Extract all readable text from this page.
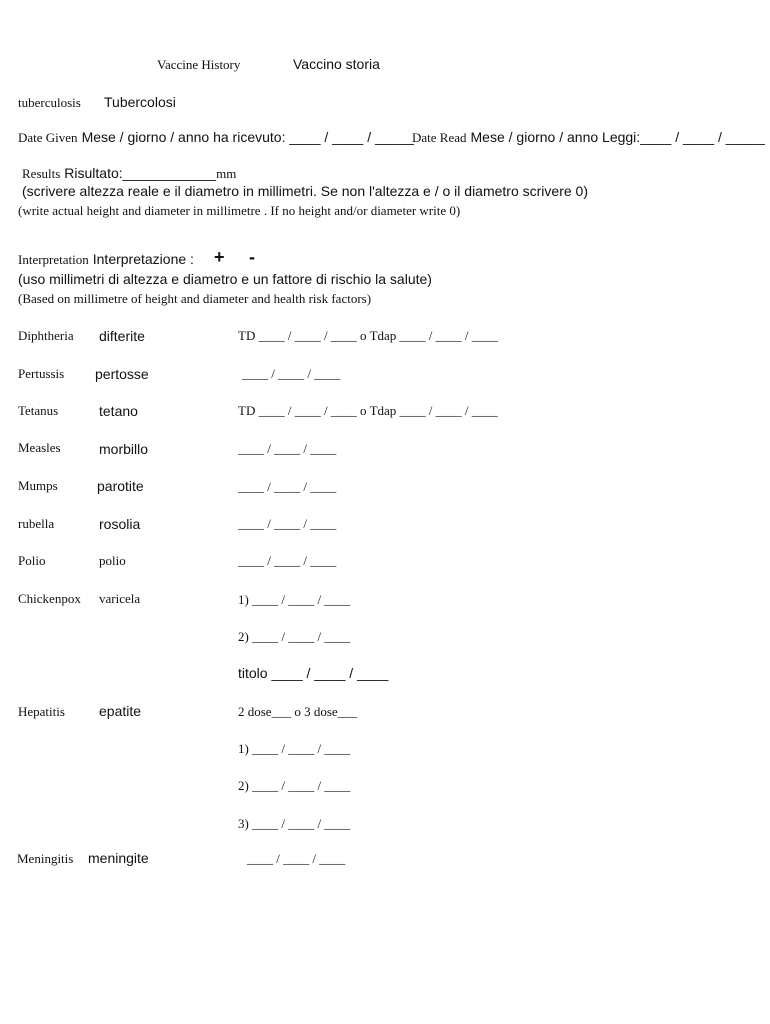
Vaccine History	Vaccino storia
tuberculosis Tubercolosi
Date Given Mese / giorno / anno ha ricevuto: ____ / ____ / _____
Date Read Mese / giorno / anno Leggi:____ / ____ / _____
Results Risultato:____________mm
(scrivere altezza reale e il diametro in millimetri. Se non l'altezza e / o il diametro scrivere 0)
(write actual height and diameter in millimetre . If no height and/or diameter write 0)
Interpretation Interpretazione : + -
(uso millimetri di altezza e diametro e un fattore di rischio la salute)
(Based on millimetre of height and diameter and health risk factors)
Diphtheria difterite	TD ____ / ____ / ____ o Tdap ____ / ____ / ____
Pertussis pertosse	____ / ____ / ____
Tetanus	tetano	TD ____ / ____ / ____ o Tdap ____ / ____ / ____
Measles	morbillo	____ / ____ / ____
Mumps	parotite	____ / ____ / ____
rubella	rosolia	____ / ____ / ____
Polio	polio	____ / ____ / ____
Chickenpox varicela	1) ____ / ____ / ____
2) ____ / ____ / ____
titolo ____ / ____ / ____
Hepatitis epatite	2 dose___ o 3 dose___
1) ____ / ____ / ____
2) ____ / ____ / ____
3) ____ / ____ / ____
Meningitis meningite	____ / ____ / ____
